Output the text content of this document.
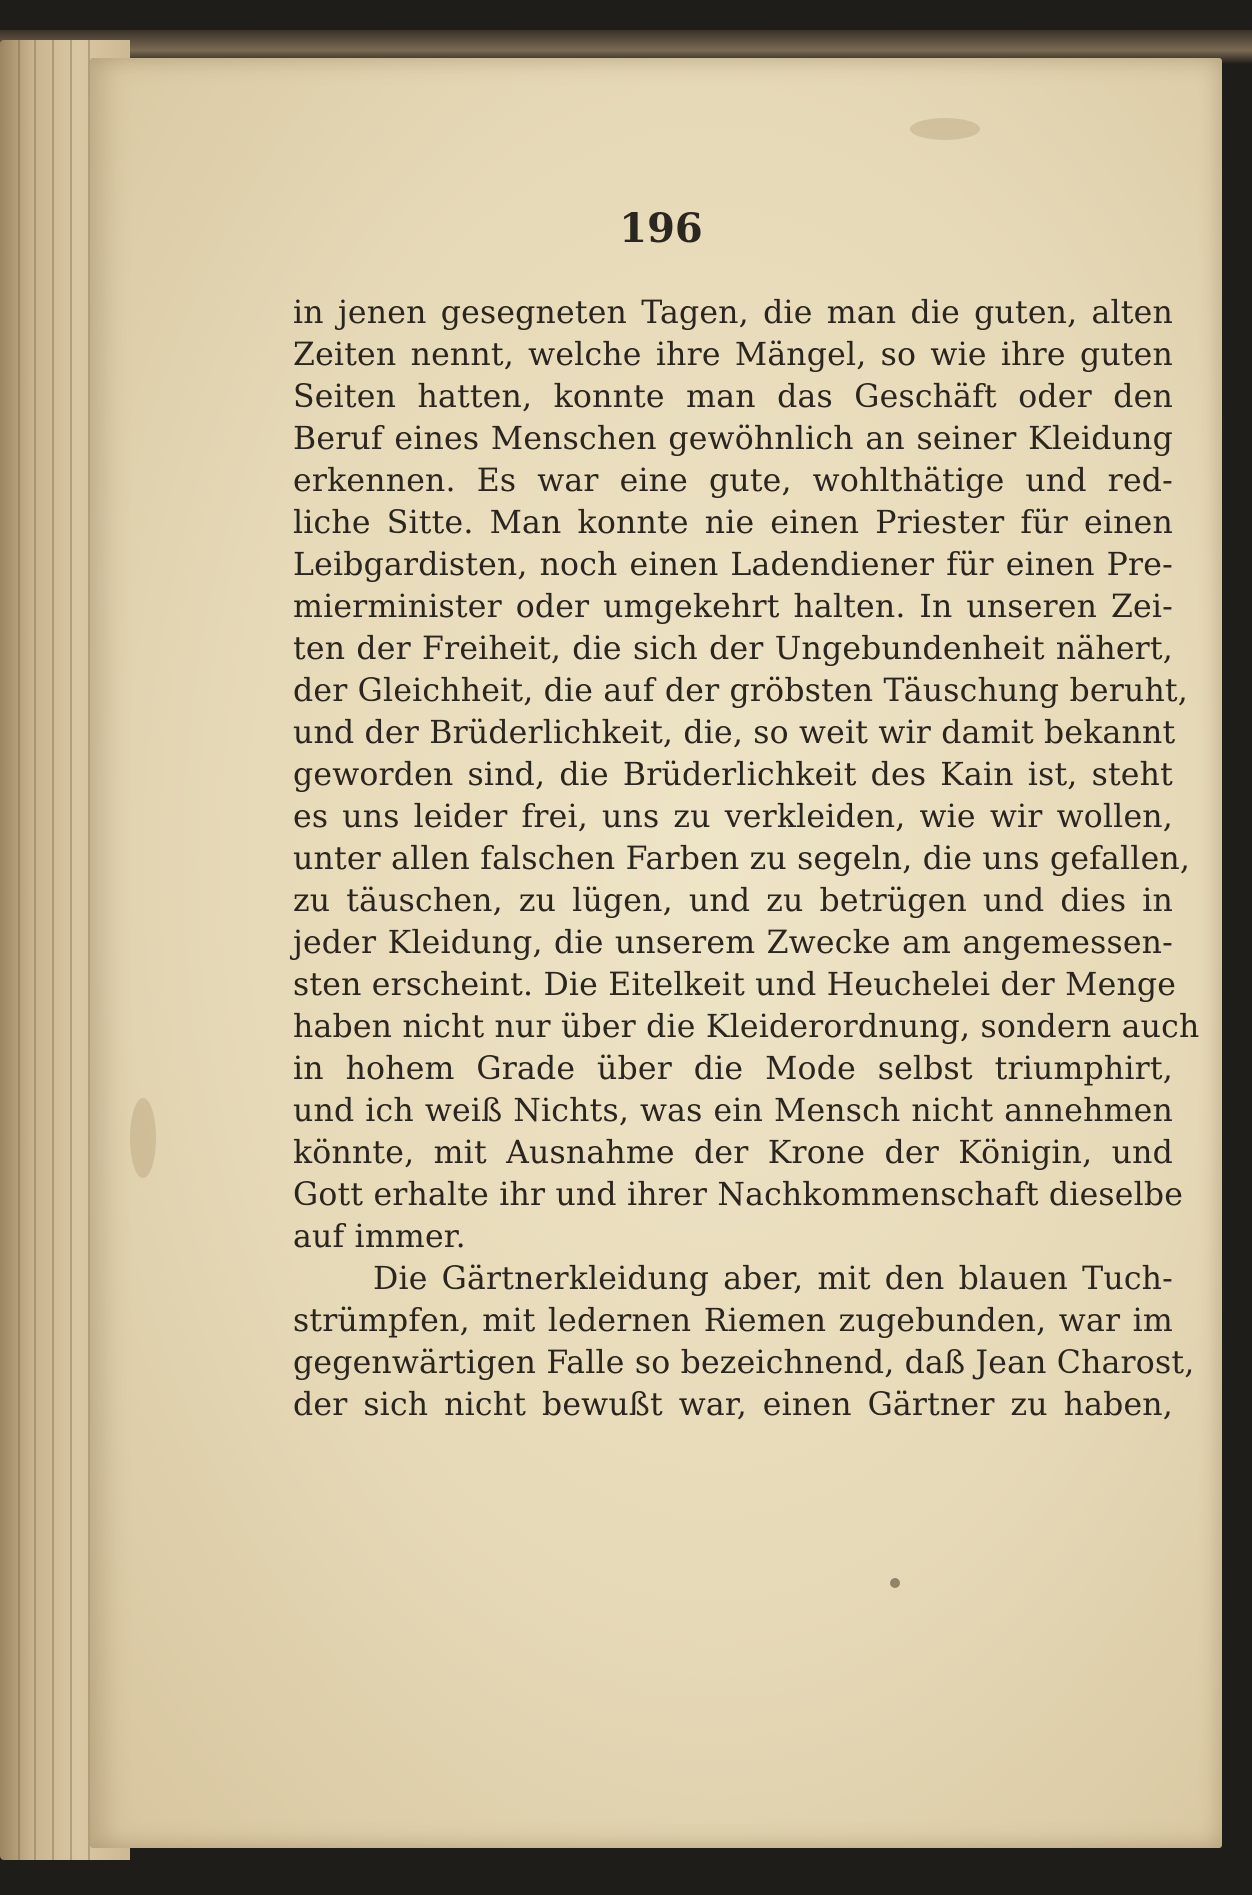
196
in jenen gesegneten Tagen, die man die guten, alten
Zeiten nennt, welche ihre Mängel, so wie ihre guten
Seiten hatten, konnte man das Geschäft oder den
Beruf eines Menschen gewöhnlich an seiner Kleidung
erkennen. Es war eine gute, wohlthätige und red-
liche Sitte. Man konnte nie einen Priester für einen
Leibgardisten, noch einen Ladendiener für einen Pre-
mierminister oder umgekehrt halten. In unseren Zei-
ten der Freiheit, die sich der Ungebundenheit nähert,
der Gleichheit, die auf der gröbsten Täuschung beruht,
und der Brüderlichkeit, die, so weit wir damit bekannt
geworden sind, die Brüderlichkeit des Kain ist, steht
es uns leider frei, uns zu verkleiden, wie wir wollen,
unter allen falschen Farben zu segeln, die uns gefallen,
zu täuschen, zu lügen, und zu betrügen und dies in
jeder Kleidung, die unserem Zwecke am angemessen-
sten erscheint. Die Eitelkeit und Heuchelei der Menge
haben nicht nur über die Kleiderordnung, sondern auch
in hohem Grade über die Mode selbst triumphirt,
und ich weiß Nichts, was ein Mensch nicht annehmen
könnte, mit Ausnahme der Krone der Königin, und
Gott erhalte ihr und ihrer Nachkommenschaft dieselbe
auf immer.
Die Gärtnerkleidung aber, mit den blauen Tuch-
strümpfen, mit ledernen Riemen zugebunden, war im
gegenwärtigen Falle so bezeichnend, daß Jean Charost,
der sich nicht bewußt war, einen Gärtner zu haben,
